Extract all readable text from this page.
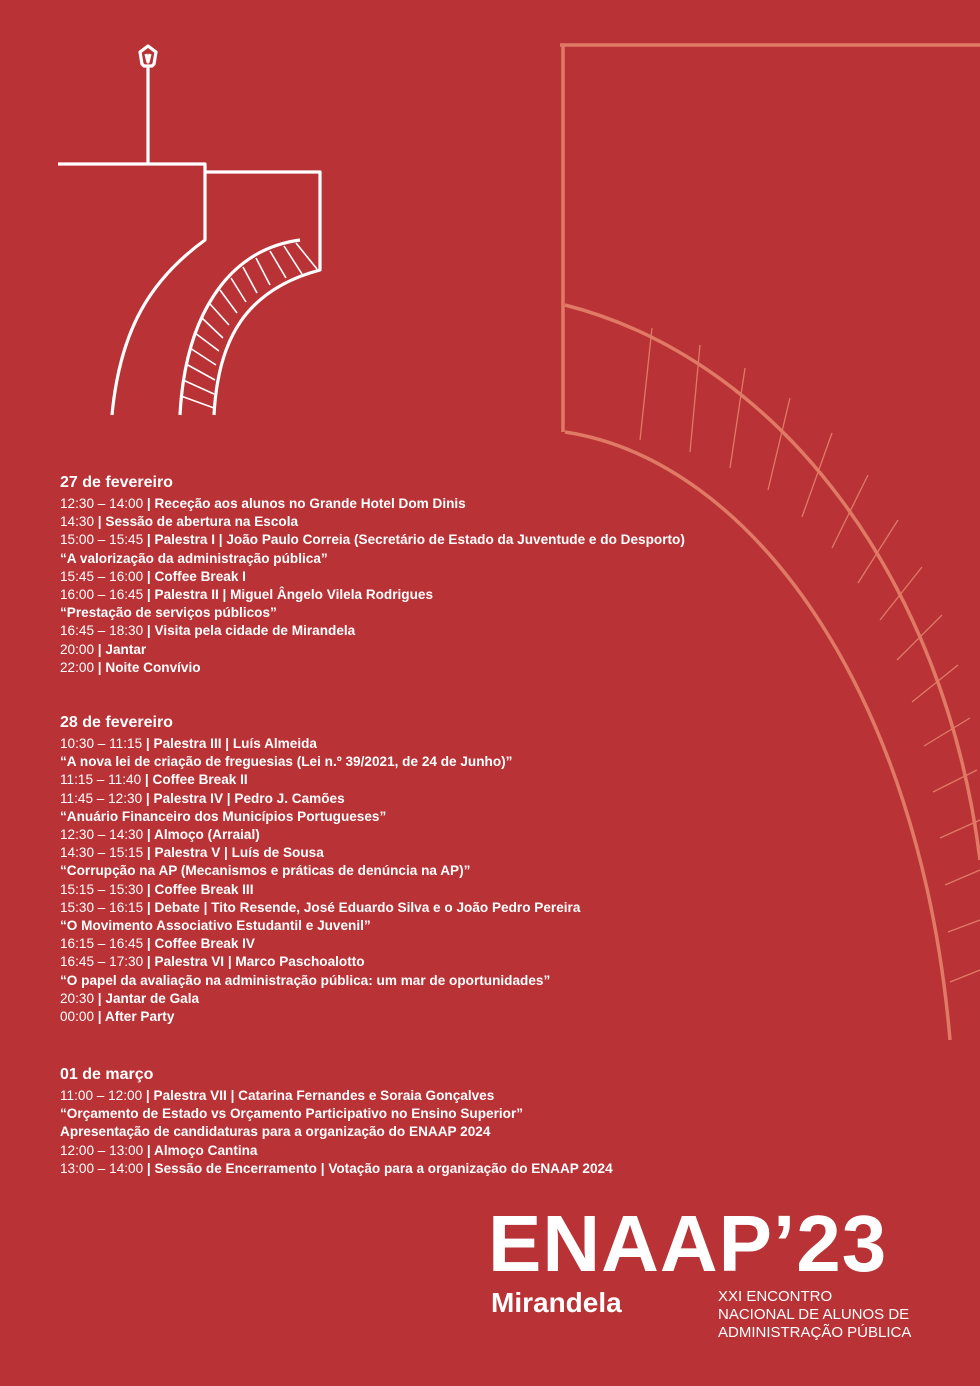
27 de fevereiro
12:30 – 14:00 | Receção aos alunos no Grande Hotel Dom Dinis
14:30 | Sessão de abertura na Escola
15:00 – 15:45 | Palestra I | João Paulo Correia (Secretário de Estado da Juventude e do Desporto)
“A valorização da administração pública”
15:45 – 16:00 | Coffee Break I
16:00 – 16:45 | Palestra II | Miguel Ângelo Vilela Rodrigues
“Prestação de serviços públicos”
16:45 – 18:30 | Visita pela cidade de Mirandela
20:00 | Jantar
22:00 | Noite Convívio
28 de fevereiro
10:30 – 11:15 | Palestra III | Luís Almeida
“A nova lei de criação de freguesias (Lei n.º 39/2021, de 24 de Junho)”
11:15 – 11:40 | Coffee Break II
11:45 – 12:30 | Palestra IV | Pedro J. Camões
“Anuário Financeiro dos Municípios Portugueses”
12:30 – 14:30 | Almoço (Arraial)
14:30 – 15:15 | Palestra V | Luís de Sousa
“Corrupção na AP (Mecanismos e práticas de denúncia na AP)”
15:15 – 15:30 | Coffee Break III
15:30 – 16:15 | Debate | Tito Resende, José Eduardo Silva e o João Pedro Pereira
“O Movimento Associativo Estudantil e Juvenil”
16:15 – 16:45 | Coffee Break IV
16:45 – 17:30 | Palestra VI | Marco Paschoalotto
“O papel da avaliação na administração pública: um mar de oportunidades”
20:30 | Jantar de Gala
00:00 | After Party
01 de março
11:00 – 12:00 | Palestra VII | Catarina Fernandes e Soraia Gonçalves
“Orçamento de Estado vs Orçamento Participativo no Ensino Superior”
Apresentação de candidaturas para a organização do ENAAP 2024
12:00 – 13:00 | Almoço Cantina
13:00 – 14:00 | Sessão de Encerramento | Votação para a organização do ENAAP 2024
ENAAP’23
Mirandela	XXI ENCONTRO
NACIONAL DE ALUNOS DE
ADMINISTRAÇÃO PÚBLICA
